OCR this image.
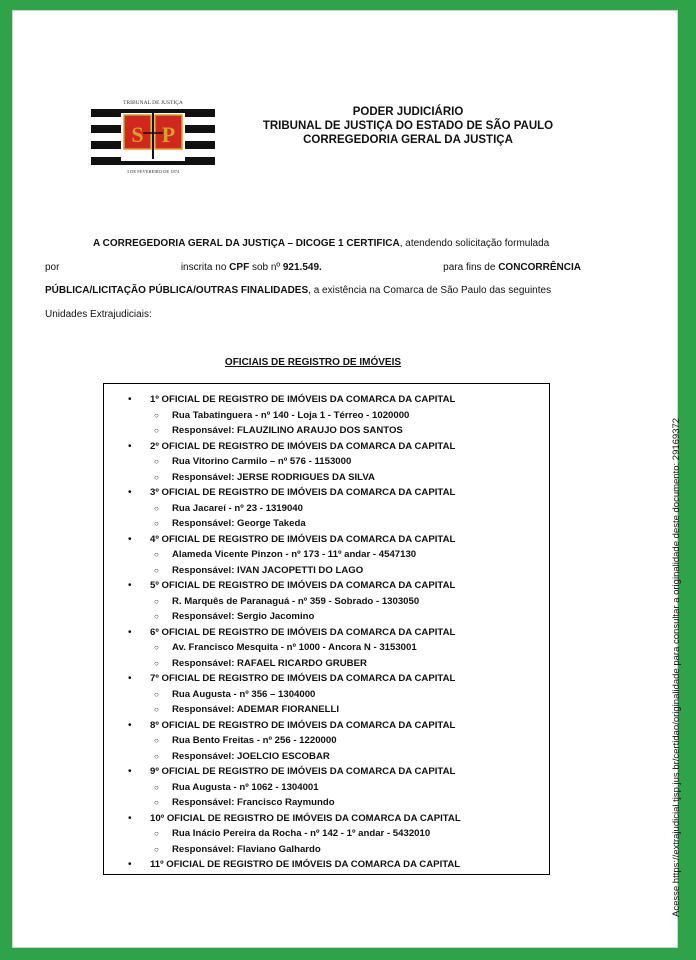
S P
TRIBUNAL DE JUSTIÇA
3 DE FEVEREIRO DE 1874
PODER JUDICIÁRIO
TRIBUNAL DE JUSTIÇA DO ESTADO DE SÃO PAULO
CORREGEDORIA GERAL DA JUSTIÇA
A CORREGEDORIA GERAL DA JUSTIÇA – DICOGE 1 CERTIFICA, atendendo solicitação formulada
por	inscrita no CPF sob nº 921.549.	para fins de CONCORRÊNCIA
PÚBLICA/LICITAÇÃO PÚBLICA/OUTRAS FINALIDADES, a existência na Comarca de São Paulo das seguintes
Unidades Extrajudiciais:
OFICIAIS DE REGISTRO DE IMÓVEIS
• 1º OFICIAL DE REGISTRO DE IMÓVEIS DA COMARCA DA CAPITAL
○ Rua Tabatinguera - nº 140 - Loja 1 - Térreo - 1020000
○ Responsável: FLAUZILINO ARAUJO DOS SANTOS
• 2º OFICIAL DE REGISTRO DE IMÓVEIS DA COMARCA DA CAPITAL
○ Rua Vitorino Carmilo – nº 576 - 1153000
○ Responsável: JERSE RODRIGUES DA SILVA
• 3º OFICIAL DE REGISTRO DE IMÓVEIS DA COMARCA DA CAPITAL
○ Rua Jacareí - nº 23 - 1319040
○ Responsável: George Takeda
• 4º OFICIAL DE REGISTRO DE IMÓVEIS DA COMARCA DA CAPITAL
○ Alameda Vicente Pinzon - nº 173 - 11º andar - 4547130
○ Responsável: IVAN JACOPETTI DO LAGO
• 5º OFICIAL DE REGISTRO DE IMÓVEIS DA COMARCA DA CAPITAL
○ R. Marquês de Paranaguá - nº 359 - Sobrado - 1303050
○ Responsável: Sergio Jacomino
• 6º OFICIAL DE REGISTRO DE IMÓVEIS DA COMARCA DA CAPITAL
○ Av. Francisco Mesquita - nº 1000 - Ancora N - 3153001
○ Responsável: RAFAEL RICARDO GRUBER
• 7º OFICIAL DE REGISTRO DE IMÓVEIS DA COMARCA DA CAPITAL
○ Rua Augusta - nº 356 – 1304000
○ Responsável: ADEMAR FIORANELLI
• 8º OFICIAL DE REGISTRO DE IMÓVEIS DA COMARCA DA CAPITAL
○ Rua Bento Freitas - nº 256 - 1220000
○ Responsável: JOELCIO ESCOBAR
• 9º OFICIAL DE REGISTRO DE IMÓVEIS DA COMARCA DA CAPITAL
○ Rua Augusta - nº 1062 - 1304001
○ Responsável: Francisco Raymundo
• 10º OFICIAL DE REGISTRO DE IMÓVEIS DA COMARCA DA CAPITAL
○ Rua Inácio Pereira da Rocha - nº 142 - 1º andar - 5432010
○ Responsável: Flaviano Galhardo
• 11º OFICIAL DE REGISTRO DE IMÓVEIS DA COMARCA DA CAPITAL	Acesse https://extrajudicial.tjsp.jus.br/certidao/originalidade para consultar a originalidade deste documento: 29169372
